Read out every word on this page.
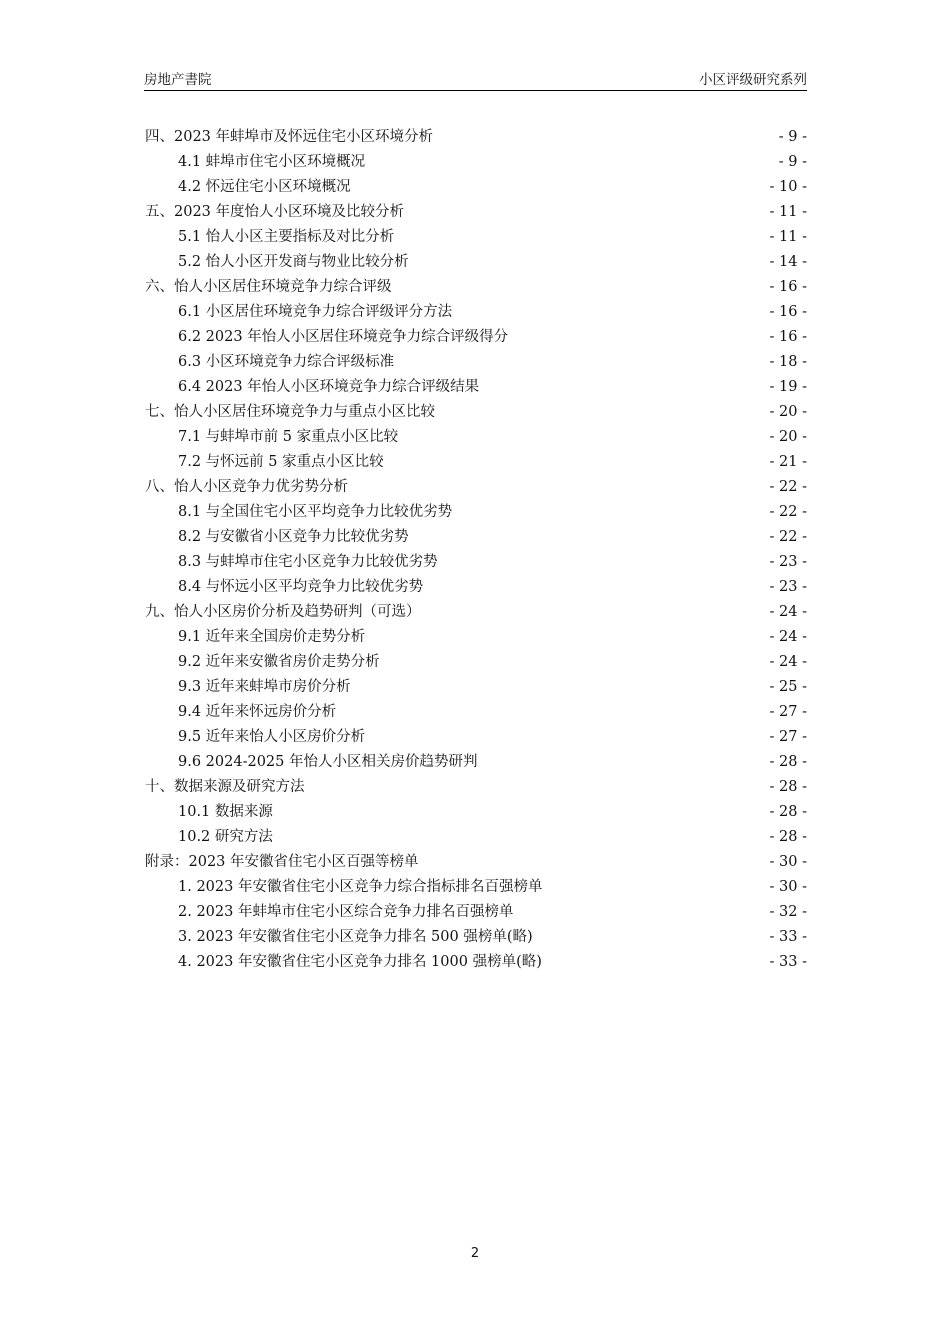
房地产書院	小区评级研究系列
四、2023 年蚌埠市及怀远住宅小区环境分析	- 9 -
4.1 蚌埠市住宅小区环境概况	- 9 -
4.2 怀远住宅小区环境概况	- 10 -
五、2023 年度怡人小区环境及比较分析	- 11 -
5.1 怡人小区主要指标及对比分析	- 11 -
5.2 怡人小区开发商与物业比较分析	- 14 -
六、怡人小区居住环境竞争力综合评级	- 16 -
6.1 小区居住环境竞争力综合评级评分方法	- 16 -
6.2 2023 年怡人小区居住环境竞争力综合评级得分	- 16 -
6.3 小区环境竞争力综合评级标准	- 18 -
6.4 2023 年怡人小区环境竞争力综合评级结果	- 19 -
七、怡人小区居住环境竞争力与重点小区比较	- 20 -
7.1 与蚌埠市前 5 家重点小区比较	- 20 -
7.2 与怀远前 5 家重点小区比较	- 21 -
八、怡人小区竞争力优劣势分析	- 22 -
8.1 与全国住宅小区平均竞争力比较优劣势	- 22 -
8.2 与安徽省小区竞争力比较优劣势	- 22 -
8.3 与蚌埠市住宅小区竞争力比较优劣势	- 23 -
8.4 与怀远小区平均竞争力比较优劣势	- 23 -
九、怡人小区房价分析及趋势研判（可选）	- 24 -
9.1 近年来全国房价走势分析	- 24 -
9.2 近年来安徽省房价走势分析	- 24 -
9.3 近年来蚌埠市房价分析	- 25 -
9.4 近年来怀远房价分析	- 27 -
9.5 近年来怡人小区房价分析	- 27 -
9.6 2024-2025 年怡人小区相关房价趋势研判	- 28 -
十、数据来源及研究方法	- 28 -
10.1 数据来源	- 28 -
10.2 研究方法	- 28 -
附录：2023 年安徽省住宅小区百强等榜单	- 30 -
1. 2023 年安徽省住宅小区竞争力综合指标排名百强榜单	- 30 -
2. 2023 年蚌埠市住宅小区综合竞争力排名百强榜单	- 32 -
3. 2023 年安徽省住宅小区竞争力排名 500 强榜单(略)	- 33 -
4. 2023 年安徽省住宅小区竞争力排名 1000 强榜单(略)	- 33 -
2
